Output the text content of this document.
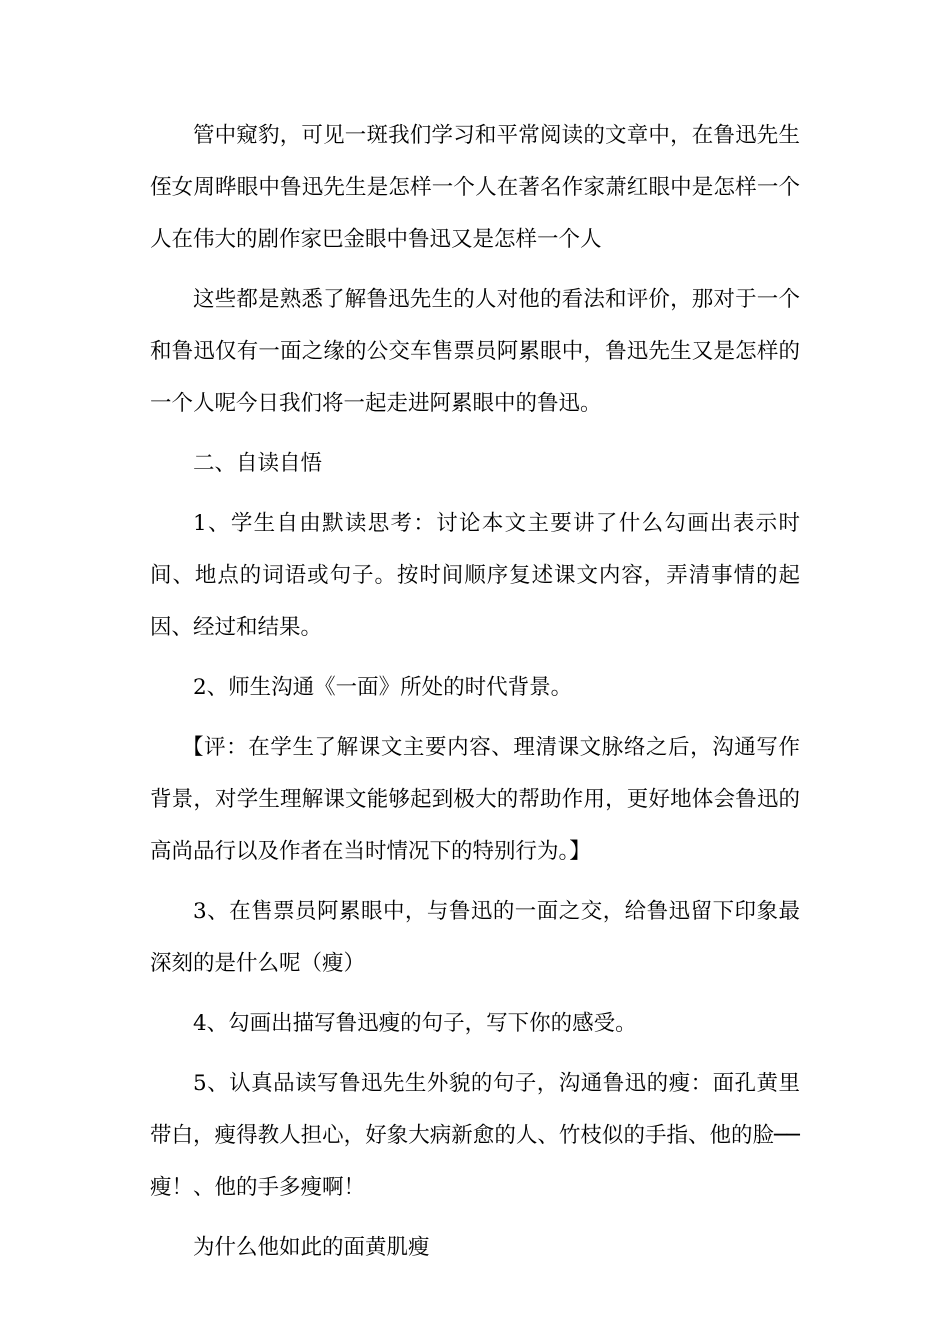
管中窥豹，可见一斑我们学习和平常阅读的文章中，在鲁迅先生侄女周晔眼中鲁迅先生是怎样一个人在著名作家萧红眼中是怎样一个人在伟大的剧作家巴金眼中鲁迅又是怎样一个人

这些都是熟悉了解鲁迅先生的人对他的看法和评价，那对于一个和鲁迅仅有一面之缘的公交车售票员阿累眼中，鲁迅先生又是怎样的一个人呢今日我们将一起走进阿累眼中的鲁迅。

二、自读自悟

1、学生自由默读思考：讨论本文主要讲了什么勾画出表示时间、地点的词语或句子。按时间顺序复述课文内容，弄清事情的起因、经过和结果。

2、师生沟通《一面》所处的时代背景。

【评：在学生了解课文主要内容、理清课文脉络之后，沟通写作背景，对学生理解课文能够起到极大的帮助作用，更好地体会鲁迅的高尚品行以及作者在当时情况下的特别行为。】

3、在售票员阿累眼中，与鲁迅的一面之交，给鲁迅留下印象最深刻的是什么呢（瘦）

4、勾画出描写鲁迅瘦的句子，写下你的感受。

5、认真品读写鲁迅先生外貌的句子，沟通鲁迅的瘦：面孔黄里带白，瘦得教人担心，好象大病新愈的人、竹枝似的手指、他的脸──瘦！、他的手多瘦啊！

为什么他如此的面黄肌瘦
